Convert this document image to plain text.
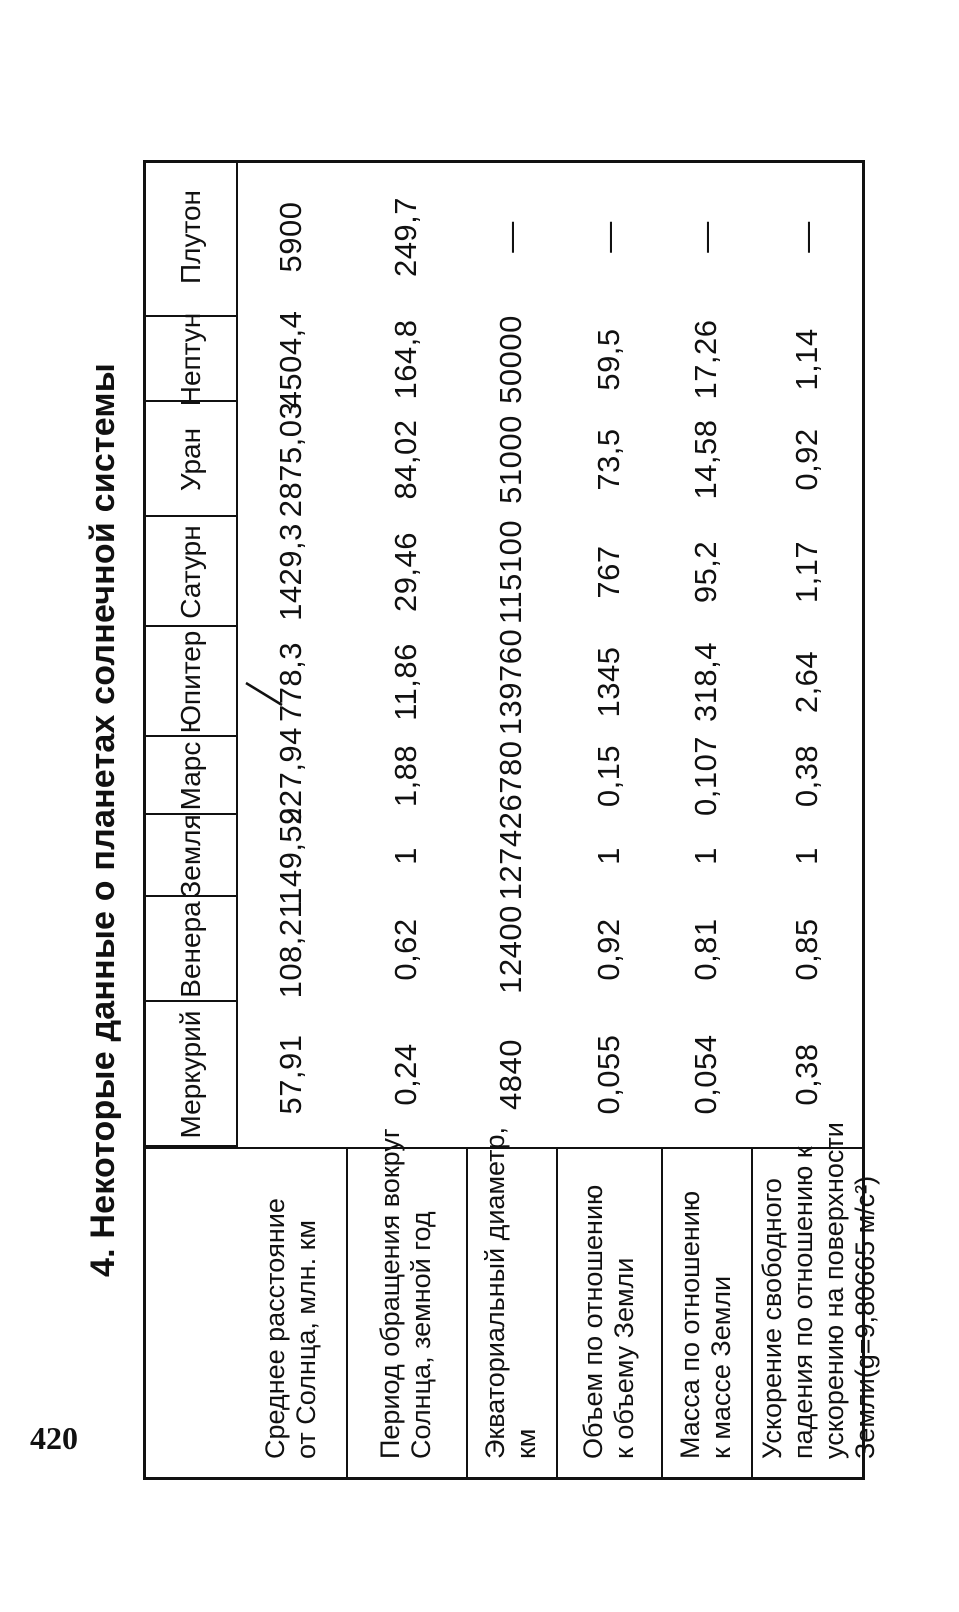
4. Некоторые данные о планетах солнечной системы	Меркурий
Венера
Земля
Марс
Юпитер
Сатурн
Уран
Нептун
Плутон
Среднее расстояние от Солнца, млн. км
57,91
108,21
149,59
227,94
778,3
1429,3
2875,03
4504,4
5900
Период обращения вокруг Солнца, земной год
0,24
0,62
1
1,88
11,86
29,46
84,02
164,8
249,7
Экваториальный диаметр, км
4840
12400
12742
6780
139760
115100
51000
50000
—
Объем по отношению к объему Земли
0,055
0,92
1
0,15
1345
767
73,5
59,5
—
Масса по отношению к массе Земли
0,054
0,81
1
0,107
318,4
95,2
14,58
17,26
—
Ускорение свободного падения по отношению к ускорению на поверхности Земли(g=9,80665 м/с²)
0,38
0,85
1
0,38
2,64
1,17
0,92
1,14
—
420
